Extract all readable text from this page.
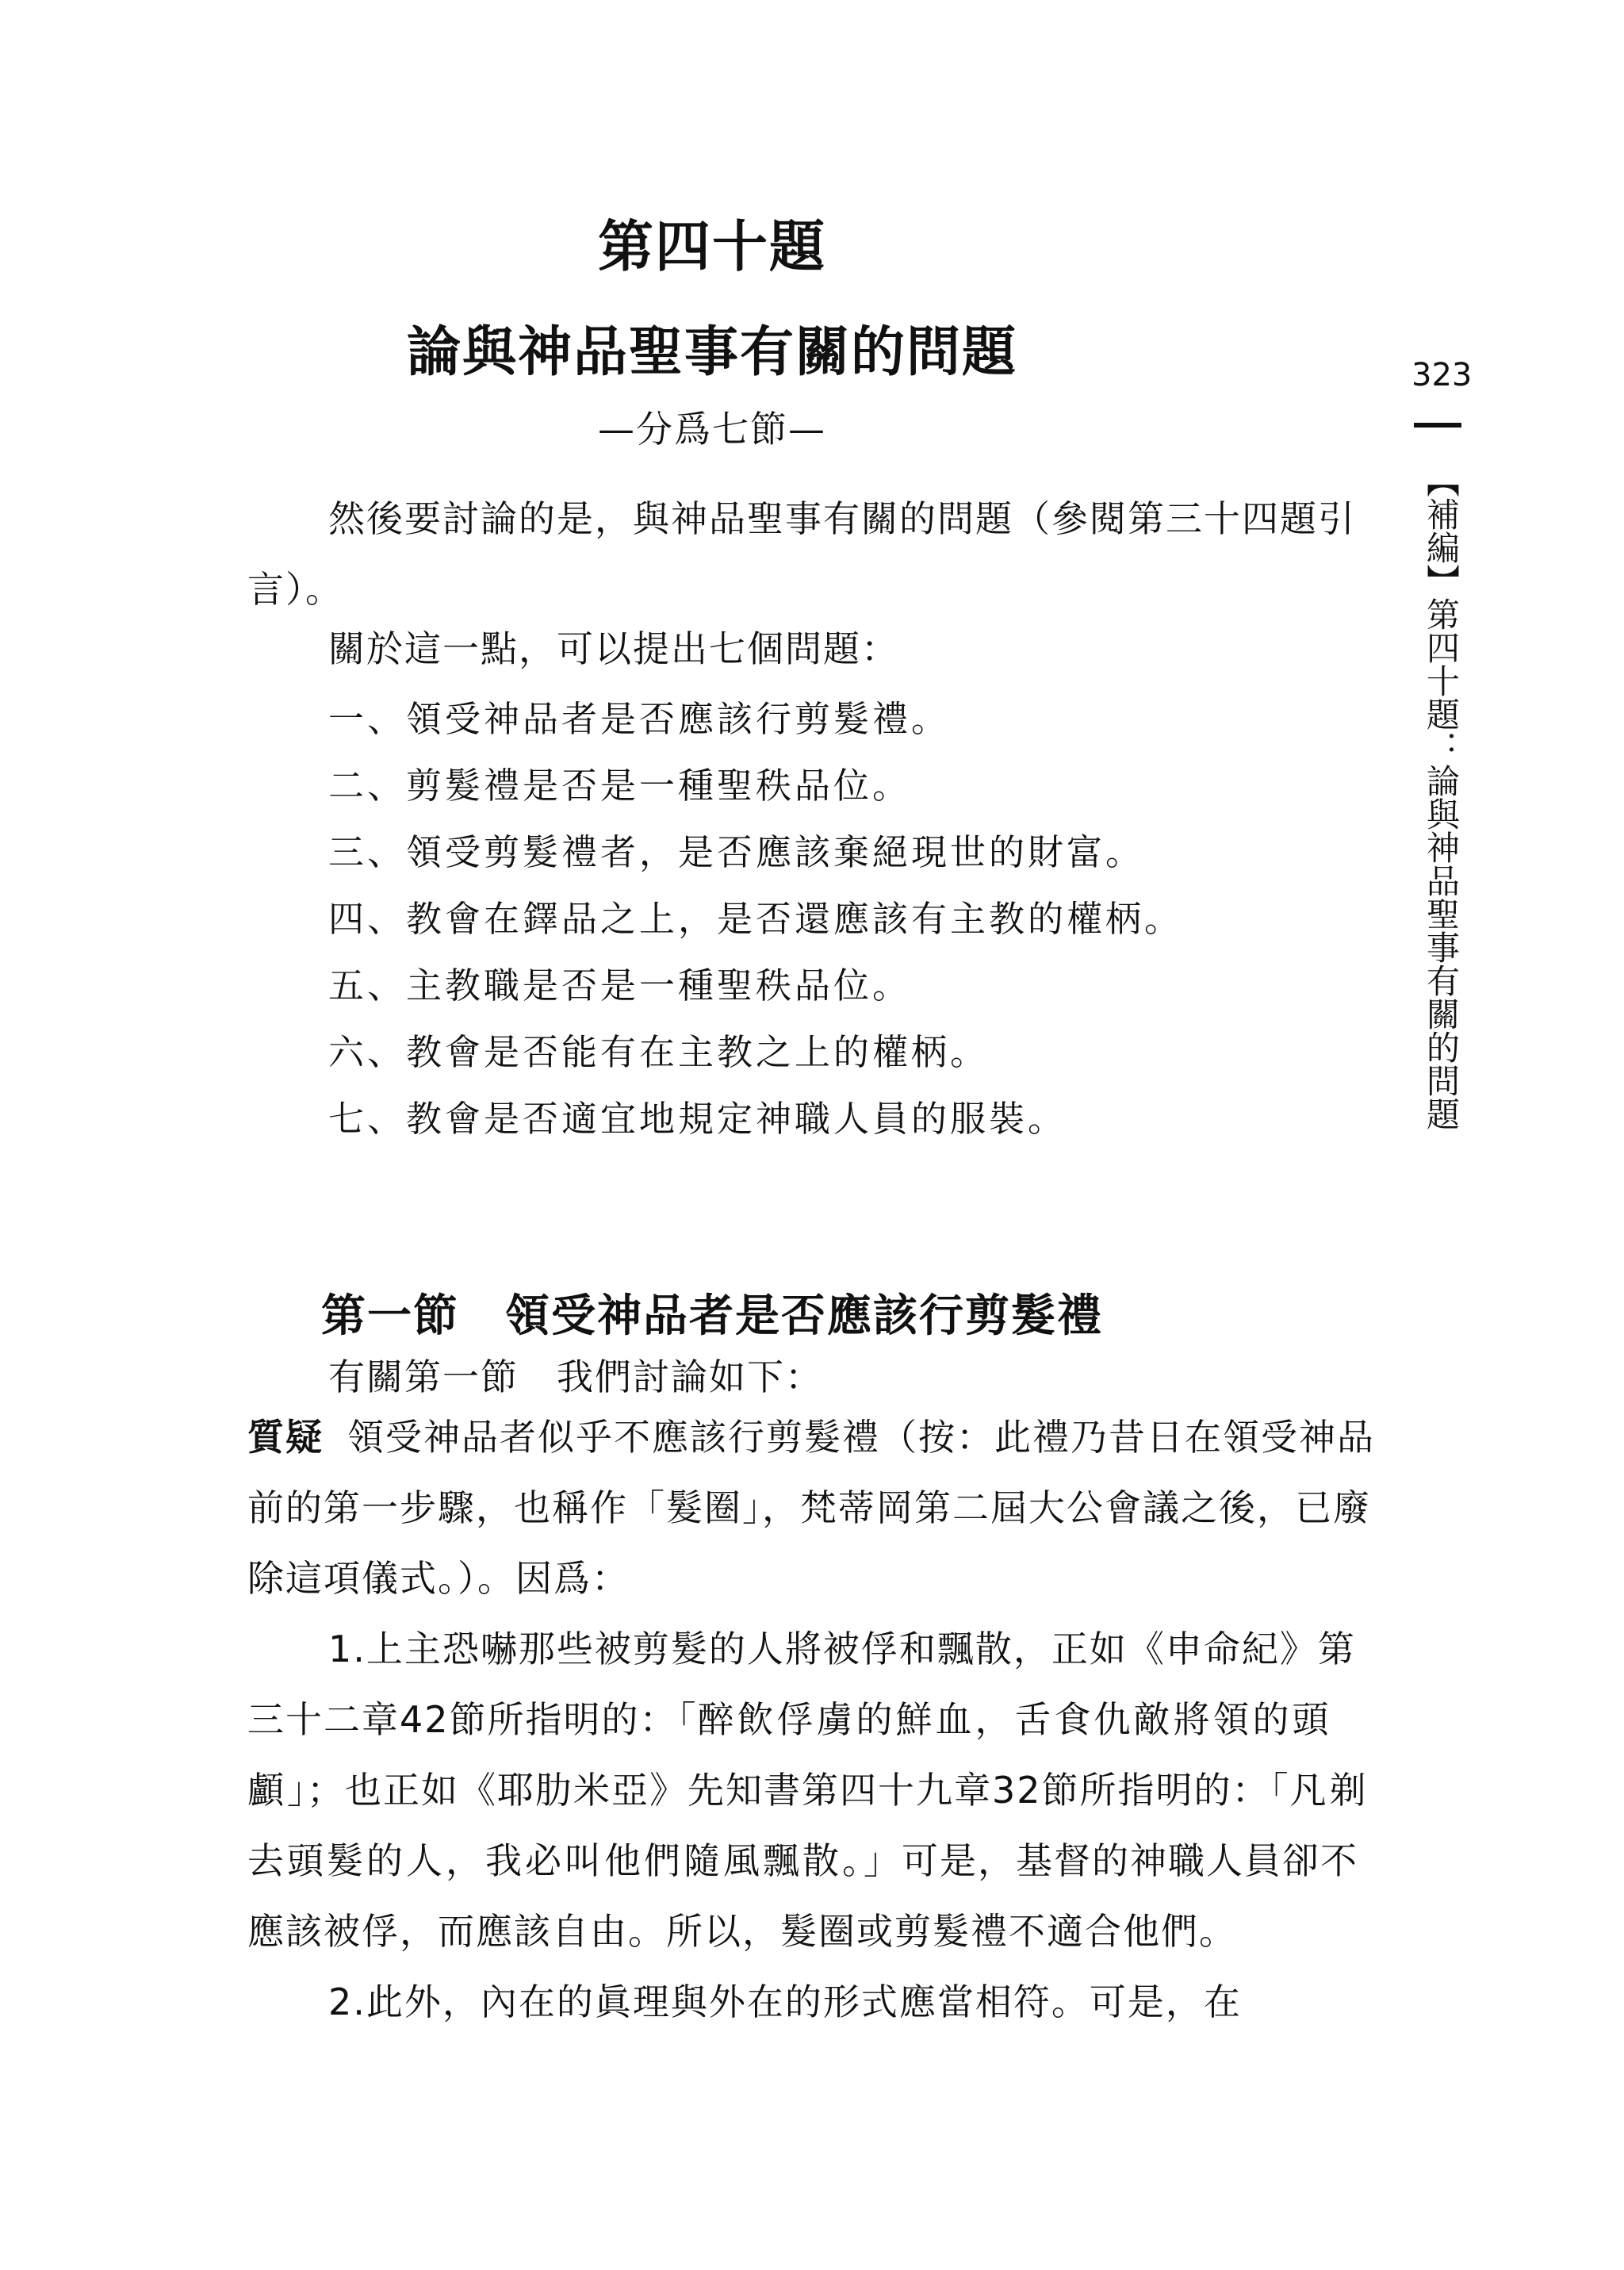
323
【補編】第四十題：論與神品聖事有關的問題
第四十題
論與神品聖事有關的問題
—分爲七節—

然後要討論的是，與神品聖事有關的問題（參閱第三十四題引言）。

關於這一點，可以提出七個問題：
一、領受神品者是否應該行剪髮禮。
二、剪髮禮是否是一種聖秩品位。
三、領受剪髮禮者，是否應該棄絕現世的財富。
四、教會在鐸品之上，是否還應該有主教的權柄。
五、主教職是否是一種聖秩品位。
六、教會是否能有在主教之上的權柄。
七、教會是否適宜地規定神職人員的服裝。
第一節　領受神品者是否應該行剪髮禮
有關第一節　我們討論如下：

質疑 領受神品者似乎不應該行剪髮禮（按：此禮乃昔日在領受神品前的第一步驟，也稱作「髮圈」，梵蒂岡第二屆大公會議之後，已廢除這項儀式。）。因爲：

1.上主恐嚇那些被剪髮的人將被俘和飄散，正如《申命紀》第三十二章42節所指明的：「醉飲俘虜的鮮血，舌食仇敵將領的頭顱」；也正如《耶肋米亞》先知書第四十九章32節所指明的：「凡剃去頭髮的人，我必叫他們隨風飄散。」可是，基督的神職人員卻不應該被俘，而應該自由。所以，髮圈或剪髮禮不適合他們。

2.此外，內在的眞理與外在的形式應當相符。可是，在
